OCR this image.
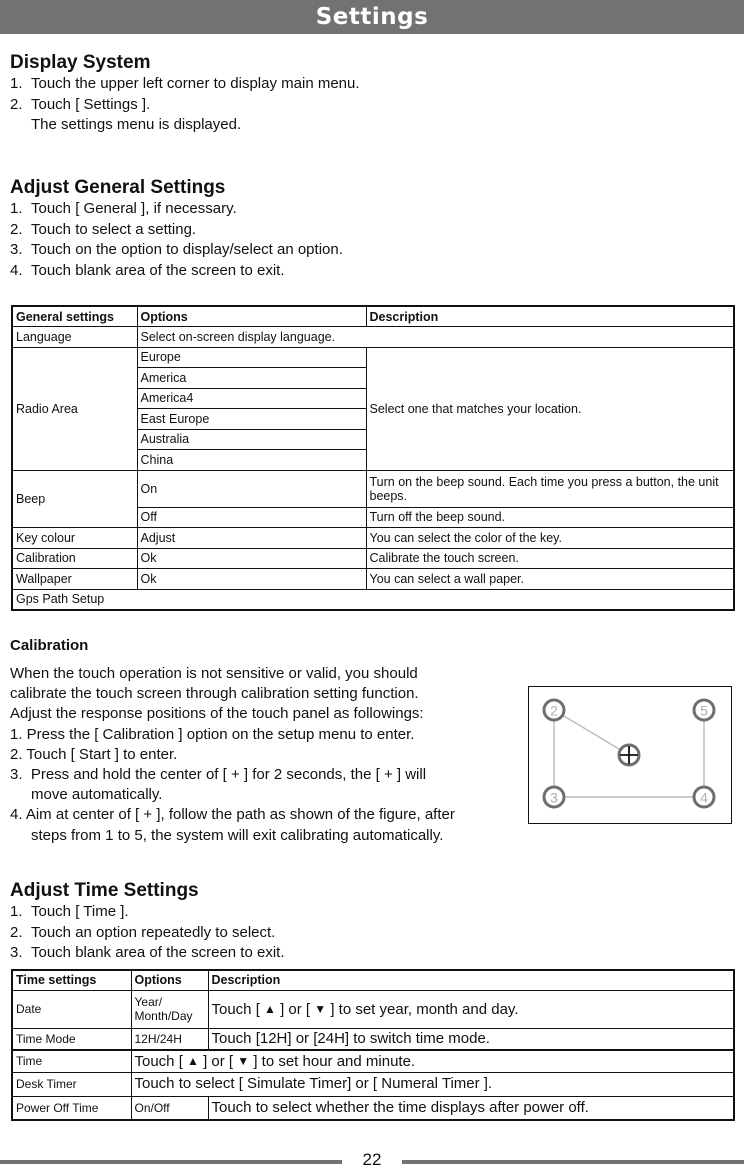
Settings
Display System
1. Touch the upper left corner to display main menu.
2. Touch [ Settings ].
The settings menu is displayed.
Adjust General Settings
1. Touch [ General ], if necessary.
2. Touch to select a setting.
3. Touch on the option to display/select an option.
4. Touch blank area of the screen to exit.
General settings	Options	Description
Language	Select on-screen display language.	
Radio Area	Europe	Select one that matches your location.
	America	
	America4	
	East Europe	
	Australia	
	China	
Beep	On	Turn on the beep sound. Each time you press a button, the unit beeps.
	Off	Turn off the beep sound.
Key colour	Adjust	You can select the color of the key.
Calibration	Ok	Calibrate the touch screen.
Wallpaper	Ok	You can select a wall paper.
Gps Path Setup		
Calibration

When the touch operation is not sensitive or valid, you should

calibrate the touch screen through calibration setting function.

Adjust the response positions of the touch panel as followings:

1. Press the [ Calibration ] option on the setup menu to enter.

2. Touch [ Start ] to enter.

3.  Press and hold the center of [ + ] for 2 seconds, the [ + ] will

move automatically.

4. Aim at center of [ + ], follow the path as shown of the figure, after

steps from 1 to 5, the system will exit calibrating automatically.

2	5
3	4
Adjust Time Settings
1. Touch [ Time ].
2. Touch an option repeatedly to select.
3. Touch blank area of the screen to exit.
Time settings	Options	Description
Date	Year/
Month/Day	Touch [ ▲ ] or [ ▼ ] to set year, month and day.
Time Mode	12H/24H	Touch [12H] or [24H] to switch time mode.
Time	Touch [ ▲ ] or [ ▼ ] to set hour and minute.	
Desk Timer	Touch to select [ Simulate Timer] or [ Numeral Timer ].	
Power Off Time	On/Off	Touch to select whether the time displays after power off.
22
